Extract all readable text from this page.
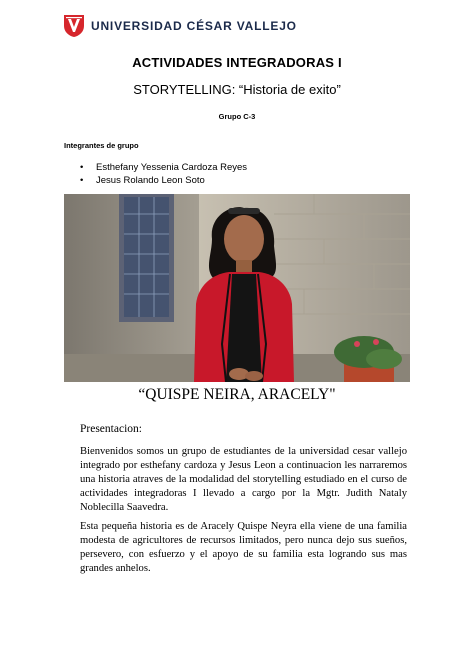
UNIVERSIDAD CÉSAR VALLEJO
ACTIVIDADES INTEGRADORAS I
STORYTELLING: “Historia de exito”
Grupo C-3
Integrantes de grupo
• Esthefany Yessenia Cardoza Reyes
• Jesus Rolando Leon Soto
“QUISPE NEIRA, ARACELY"
Presentacion:

Bienvenidos somos un grupo de estudiantes de la universidad cesar vallejo integrado por esthefany cardoza y Jesus Leon a continuacion les narraremos una historia atraves de la modalidad del storytelling estudiado en el curso de actividades integradoras I llevado a cargo por la Mgtr. Judith Nataly Noblecilla Saavedra.

Esta pequeña historia es de Aracely Quispe Neyra ella viene de una familia modesta de agricultores de recursos limitados, pero nunca dejo sus sueños, persevero, con esfuerzo y el apoyo de su familia esta logrando sus mas grandes anhelos.
